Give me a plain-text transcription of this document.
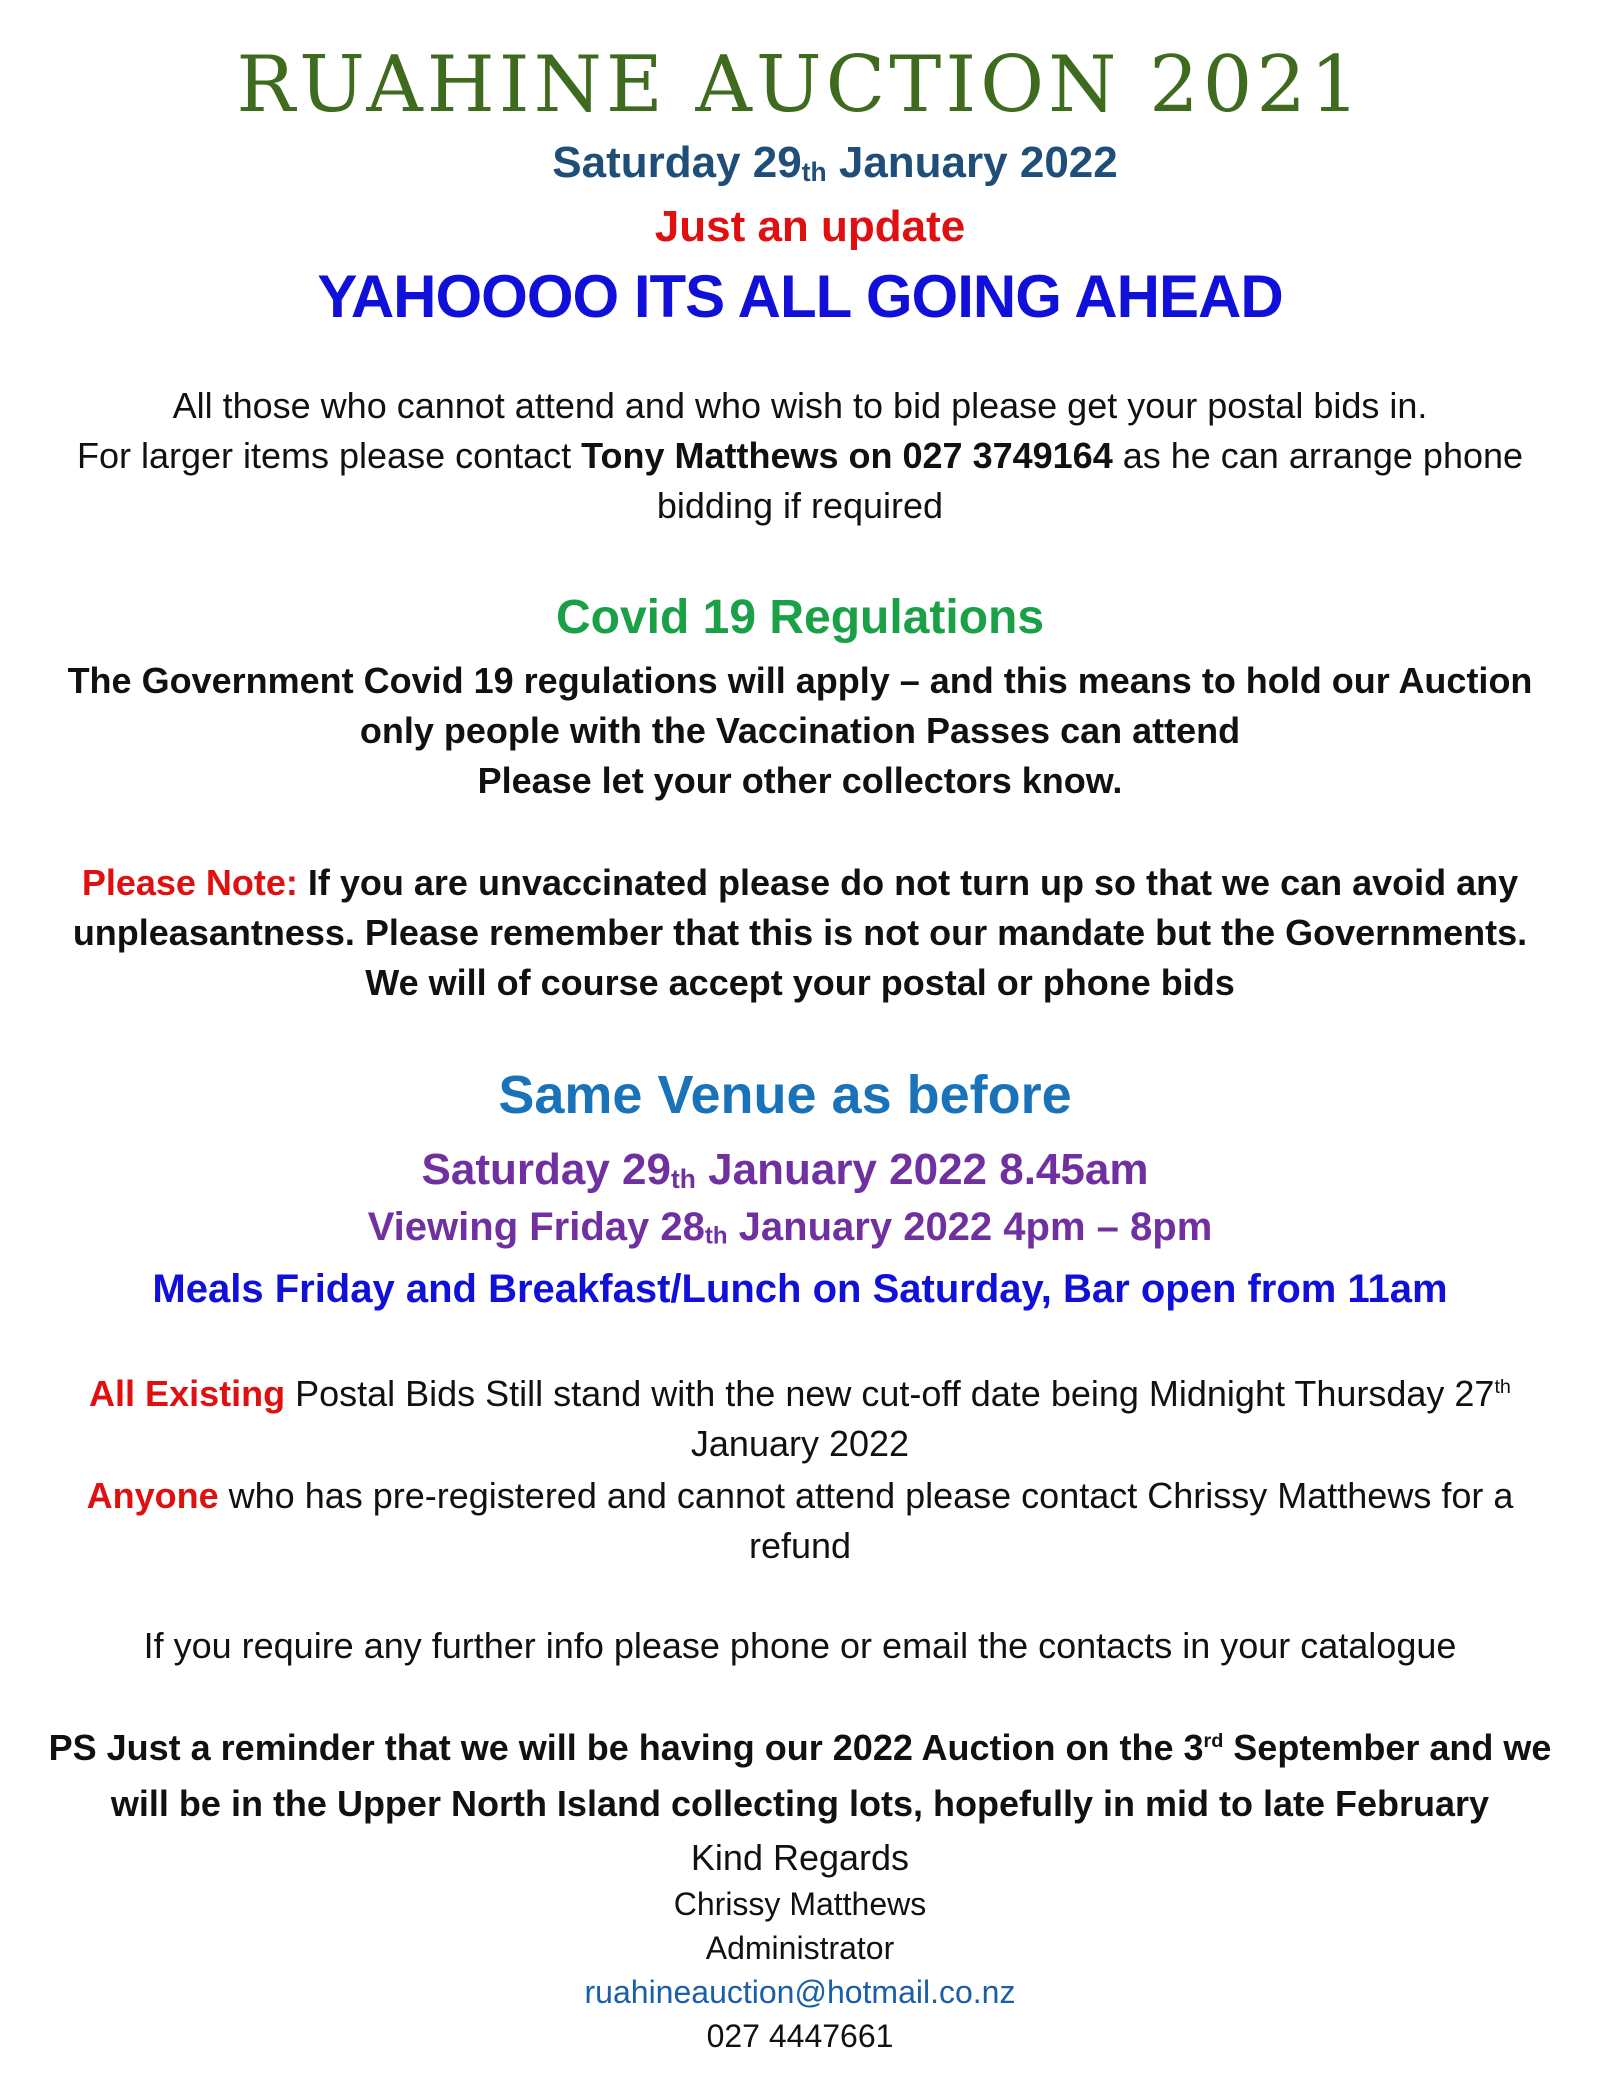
RUAHINE AUCTION 2021
Saturday 29th January 2022
Just an update
YAHOOOO ITS ALL GOING AHEAD
All those who cannot attend and who wish to bid please get your postal bids in.
For larger items please contact Tony Matthews on 027 3749164 as he can arrange phone
bidding if required
Covid 19 Regulations
The Government Covid 19 regulations will apply – and this means to hold our Auction
only people with the Vaccination Passes can attend
Please let your other collectors know.
Please Note: If you are unvaccinated please do not turn up so that we can avoid any
unpleasantness. Please remember that this is not our mandate but the Governments.
We will of course accept your postal or phone bids
Same Venue as before
Saturday 29th January 2022 8.45am
Viewing Friday 28th January 2022 4pm – 8pm
Meals Friday and Breakfast/Lunch on Saturday, Bar open from 11am
All Existing Postal Bids Still stand with the new cut-off date being Midnight Thursday 27th
January 2022
Anyone who has pre-registered and cannot attend please contact Chrissy Matthews for a
refund
If you require any further info please phone or email the contacts in your catalogue
PS Just a reminder that we will be having our 2022 Auction on the 3rd September and we
will be in the Upper North Island collecting lots, hopefully in mid to late February
Kind Regards
Chrissy Matthews
Administrator
ruahineauction@hotmail.co.nz
027 4447661
